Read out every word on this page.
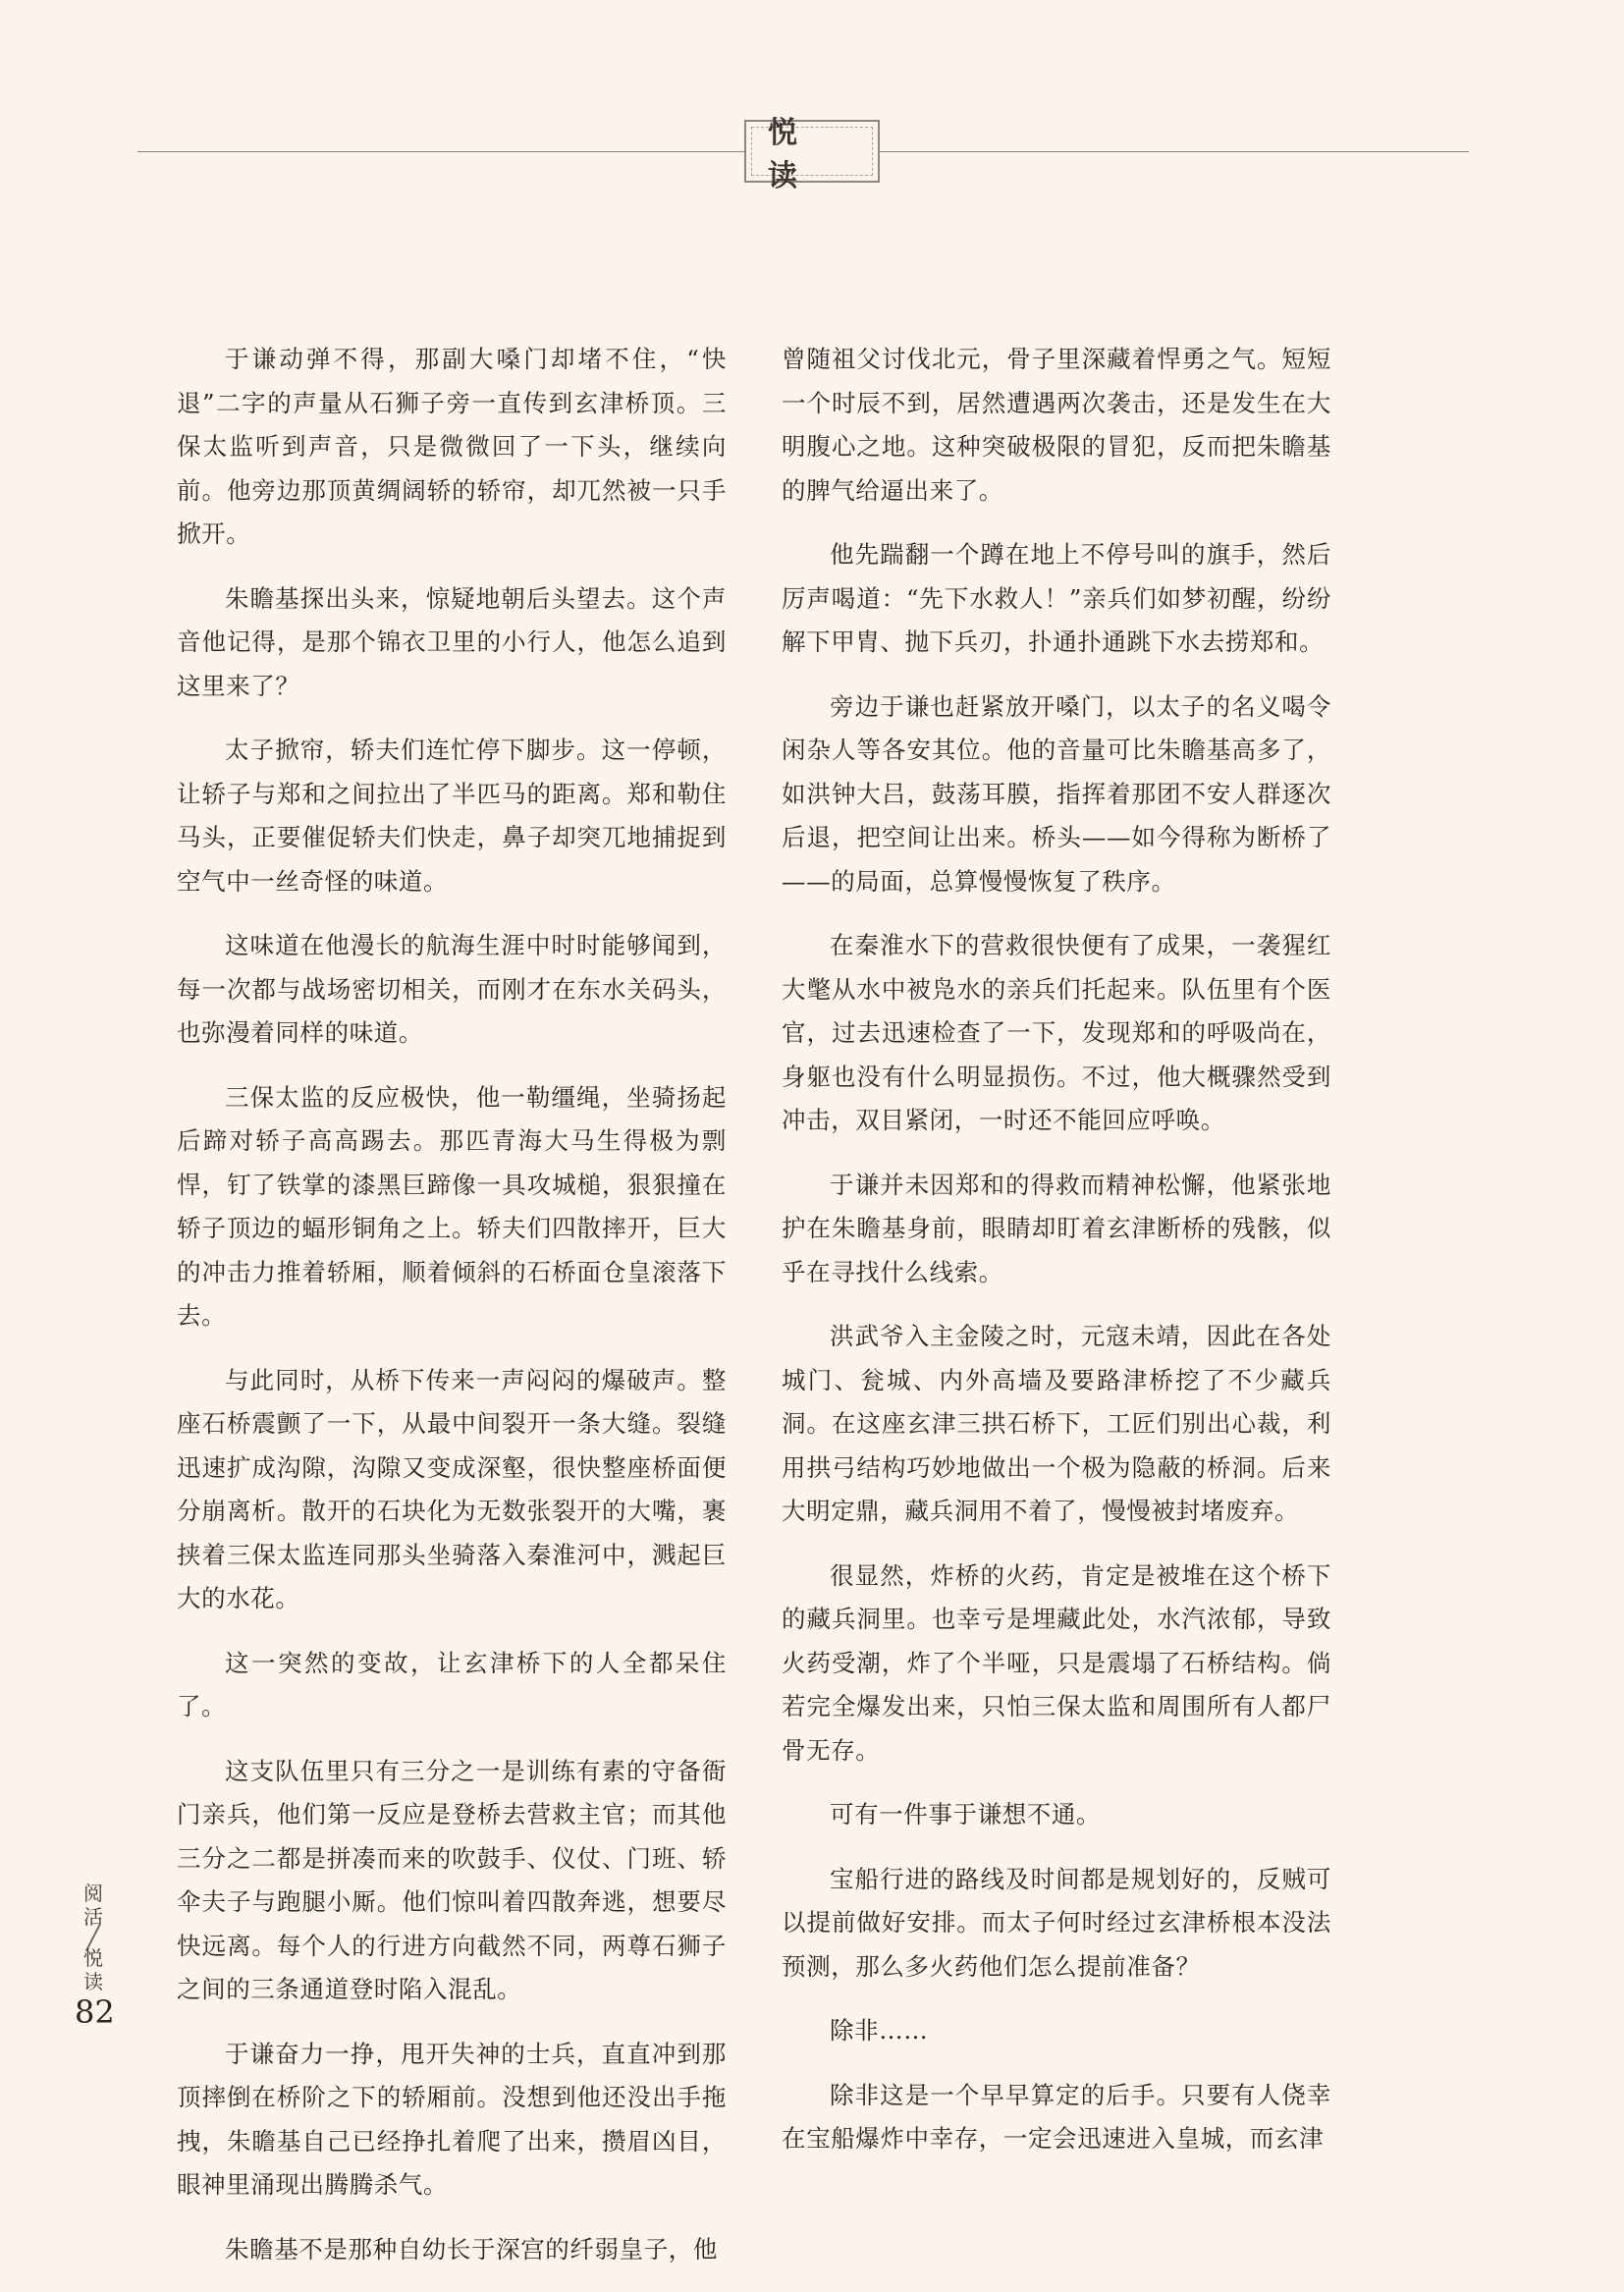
悦 读

于谦动弹不得，那副大嗓门却堵不住，“快退”二字的声量从石狮子旁一直传到玄津桥顶。三保太监听到声音，只是微微回了一下头，继续向前。他旁边那顶黄绸阔轿的轿帘，却兀然被一只手掀开。

朱瞻基探出头来，惊疑地朝后头望去。这个声音他记得，是那个锦衣卫里的小行人，他怎么追到这里来了？

太子掀帘，轿夫们连忙停下脚步。这一停顿，让轿子与郑和之间拉出了半匹马的距离。郑和勒住马头，正要催促轿夫们快走，鼻子却突兀地捕捉到空气中一丝奇怪的味道。

这味道在他漫长的航海生涯中时时能够闻到，每一次都与战场密切相关，而刚才在东水关码头，也弥漫着同样的味道。

三保太监的反应极快，他一勒缰绳，坐骑扬起后蹄对轿子高高踢去。那匹青海大马生得极为剽悍，钉了铁掌的漆黑巨蹄像一具攻城槌，狠狠撞在轿子顶边的蝠形铜角之上。轿夫们四散摔开，巨大的冲击力推着轿厢，顺着倾斜的石桥面仓皇滚落下去。

与此同时，从桥下传来一声闷闷的爆破声。整座石桥震颤了一下，从最中间裂开一条大缝。裂缝迅速扩成沟隙，沟隙又变成深壑，很快整座桥面便分崩离析。散开的石块化为无数张裂开的大嘴，裹挟着三保太监连同那头坐骑落入秦淮河中，溅起巨大的水花。

这一突然的变故，让玄津桥下的人全都呆住了。

这支队伍里只有三分之一是训练有素的守备衙门亲兵，他们第一反应是登桥去营救主官；而其他三分之二都是拼凑而来的吹鼓手、仪仗、门班、轿伞夫子与跑腿小厮。他们惊叫着四散奔逃，想要尽快远离。每个人的行进方向截然不同，两尊石狮子之间的三条通道登时陷入混乱。

于谦奋力一挣，甩开失神的士兵，直直冲到那顶摔倒在桥阶之下的轿厢前。没想到他还没出手拖拽，朱瞻基自己已经挣扎着爬了出来，攒眉凶目，眼神里涌现出腾腾杀气。

朱瞻基不是那种自幼长于深宫的纤弱皇子，他

曾随祖父讨伐北元，骨子里深藏着悍勇之气。短短一个时辰不到，居然遭遇两次袭击，还是发生在大明腹心之地。这种突破极限的冒犯，反而把朱瞻基的脾气给逼出来了。

他先踹翻一个蹲在地上不停号叫的旗手，然后厉声喝道：“先下水救人！”亲兵们如梦初醒，纷纷解下甲胄、抛下兵刃，扑通扑通跳下水去捞郑和。

旁边于谦也赶紧放开嗓门，以太子的名义喝令闲杂人等各安其位。他的音量可比朱瞻基高多了，如洪钟大吕，鼓荡耳膜，指挥着那团不安人群逐次后退，把空间让出来。桥头——如今得称为断桥了——的局面，总算慢慢恢复了秩序。

在秦淮水下的营救很快便有了成果，一袭猩红大氅从水中被凫水的亲兵们托起来。队伍里有个医官，过去迅速检查了一下，发现郑和的呼吸尚在，身躯也没有什么明显损伤。不过，他大概骤然受到冲击，双目紧闭，一时还不能回应呼唤。

于谦并未因郑和的得救而精神松懈，他紧张地护在朱瞻基身前，眼睛却盯着玄津断桥的残骸，似乎在寻找什么线索。

洪武爷入主金陵之时，元寇未靖，因此在各处城门、瓮城、内外高墙及要路津桥挖了不少藏兵洞。在这座玄津三拱石桥下，工匠们别出心裁，利用拱弓结构巧妙地做出一个极为隐蔽的桥洞。后来大明定鼎，藏兵洞用不着了，慢慢被封堵废弃。

很显然，炸桥的火药，肯定是被堆在这个桥下的藏兵洞里。也幸亏是埋藏此处，水汽浓郁，导致火药受潮，炸了个半哑，只是震塌了石桥结构。倘若完全爆发出来，只怕三保太监和周围所有人都尸骨无存。

可有一件事于谦想不通。

宝船行进的路线及时间都是规划好的，反贼可以提前做好安排。而太子何时经过玄津桥根本没法预测，那么多火药他们怎么提前准备？

除非……

除非这是一个早早算定的后手。只要有人侥幸在宝船爆炸中幸存，一定会迅速进入皇城，而玄津

阅
活
╱
悦
读
82
